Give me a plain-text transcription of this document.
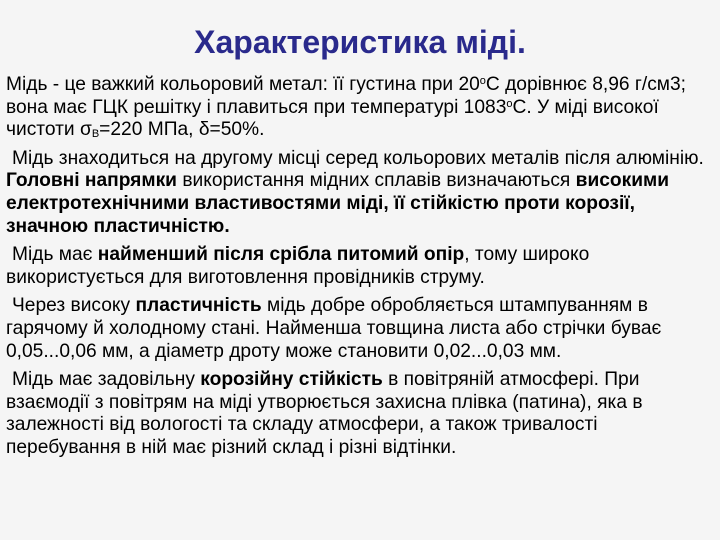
Характеристика міді.

Мідь - це важкий кольоровий метал: її густина при $20^оС$ дорівнює 8,96 г/см3; вона має ГЦК решітку і плавиться при температурі $1083^оС$. У міді високої чистоти $\sigma_В=220$ МПа, δ=50%.

Мідь знаходиться на другому місці серед кольорових металів після алюмінію. Головні напрямки використання мідних сплавів визначаються високими електротехнічними властивостями міді, її стійкістю проти корозії, значною пластичністю.

Мідь має найменший після срібла питомий опір, тому широко використується для виготовлення провідників струму.

Через високу пластичність мідь добре обробляється штампуванням в гарячому й холодному стані. Найменша товщина листа або стрічки буває 0,05...0,06 мм, а діаметр дроту може становити 0,02...0,03 мм.

Мідь має задовільну корозійну стійкість в повітряній атмосфері. При взаємодії з повітрям на міді утворюється захисна плівка (патина), яка в залежності від вологості та складу атмосфери, а також тривалості перебування в ній має різний склад і різні відтінки.
